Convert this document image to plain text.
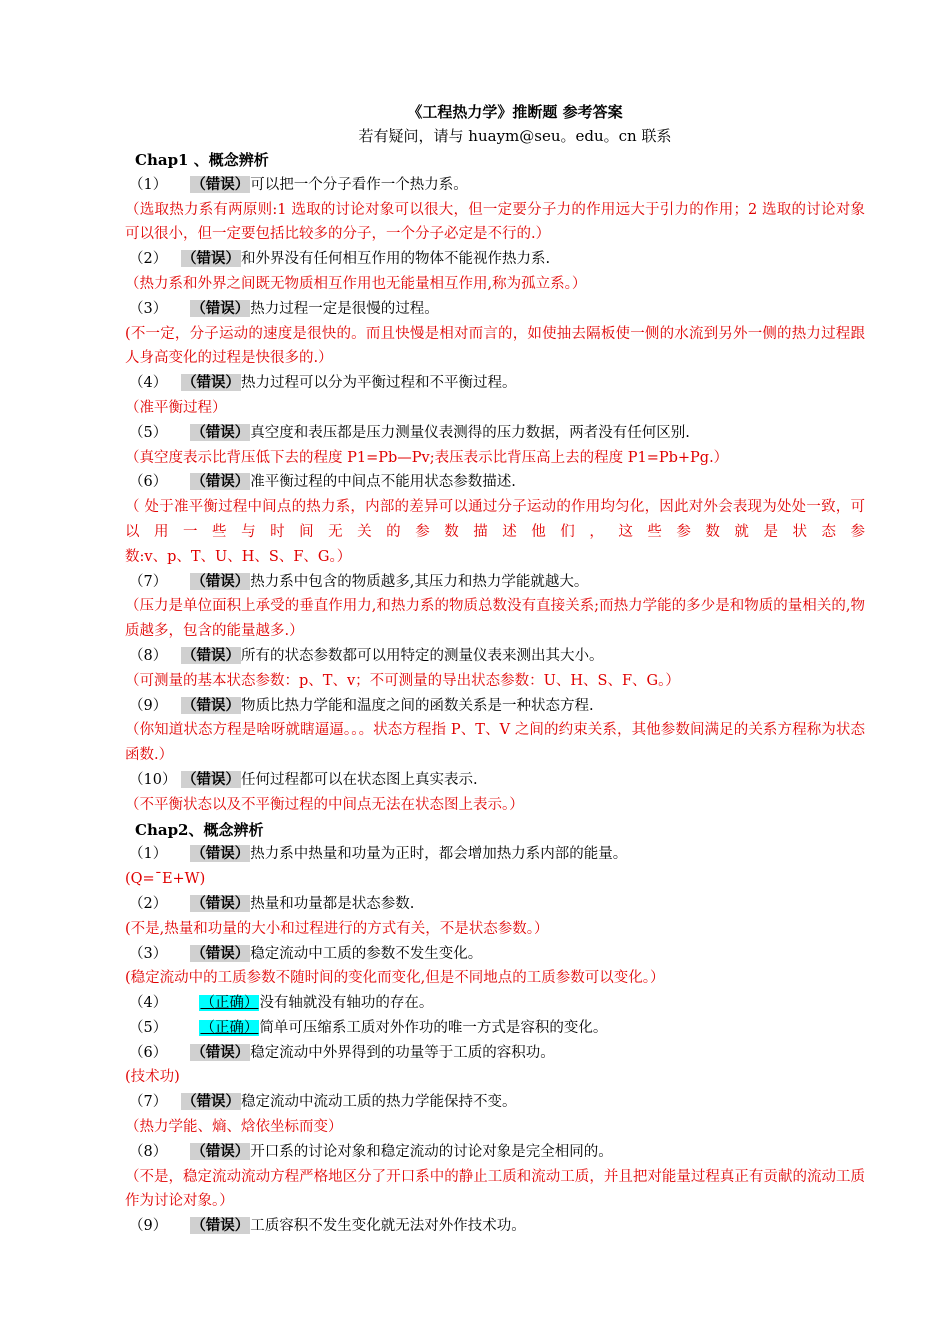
《工程热力学》推断题 参考答案
若有疑问，请与 huaym@seu。edu。cn 联系
Chap1 、概念辨析
（1） （错误）可以把一个分子看作一个热力系。
（选取热力系有两原则:1 选取的讨论对象可以很大，但一定要分子力的作用远大于引力的作用；2 选取的讨论对象可以很小，但一定要包括比较多的分子，一个分子必定是不行的.）
（2） （错误）和外界没有任何相互作用的物体不能视作热力系.
（热力系和外界之间既无物质相互作用也无能量相互作用,称为孤立系。）
（3） （错误）热力过程一定是很慢的过程。
(不一定，分子运动的速度是很快的。而且快慢是相对而言的，如使抽去隔板使一侧的水流到另外一侧的热力过程跟人身高变化的过程是快很多的.）
（4） （错误）热力过程可以分为平衡过程和不平衡过程。
（准平衡过程）
（5） （错误）真空度和表压都是压力测量仪表测得的压力数据，两者没有任何区别.
（真空度表示比背压低下去的程度 P1=Pb—Pv;表压表示比背压高上去的程度 P1=Pb+Pg.）
（6） （错误）准平衡过程的中间点不能用状态参数描述.
（ 处于准平衡过程中间点的热力系，内部的差异可以通过分子运动的作用均匀化，因此对外会表现为处处一致，可以用一些与时间无关的参数描述他们，这些参数就是状态参
数:v、p、T、U、H、S、F、G。）
（7） （错误）热力系中包含的物质越多,其压力和热力学能就越大。
（压力是单位面积上承受的垂直作用力,和热力系的物质总数没有直接关系;而热力学能的多少是和物质的量相关的,物质越多，包含的能量越多.）
（8） （错误）所有的状态参数都可以用特定的测量仪表来测出其大小。
（可测量的基本状态参数：p、T、v；不可测量的导出状态参数：U、H、S、F、G。）
（9） （错误）物质比热力学能和温度之间的函数关系是一种状态方程.
（你知道状态方程是啥呀就瞎逼逼。。。状态方程指 P、T、V 之间的约束关系，其他参数间满足的关系方程称为状态函数.）
（10） （错误）任何过程都可以在状态图上真实表示.
（不平衡状态以及不平衡过程的中间点无法在状态图上表示。）
Chap2、概念辨析
（1） （错误）热力系中热量和功量为正时，都会增加热力系内部的能量。
(Q=ˉE+W)
（2） （错误）热量和功量都是状态参数.
(不是,热量和功量的大小和过程进行的方式有关，不是状态参数。）
（3） （错误）稳定流动中工质的参数不发生变化。
(稳定流动中的工质参数不随时间的变化而变化,但是不同地点的工质参数可以变化。）
（4） （正确）没有轴就没有轴功的存在。
（5） （正确）简单可压缩系工质对外作功的唯一方式是容积的变化。
（6） （错误）稳定流动中外界得到的功量等于工质的容积功。
(技术功)
（7） （错误）稳定流动中流动工质的热力学能保持不变。
（热力学能、熵、焓依坐标而变）
（8） （错误）开口系的讨论对象和稳定流动的讨论对象是完全相同的。
（不是，稳定流动流动方程严格地区分了开口系中的静止工质和流动工质，并且把对能量过程真正有贡献的流动工质作为讨论对象。）
（9） （错误）工质容积不发生变化就无法对外作技术功。
